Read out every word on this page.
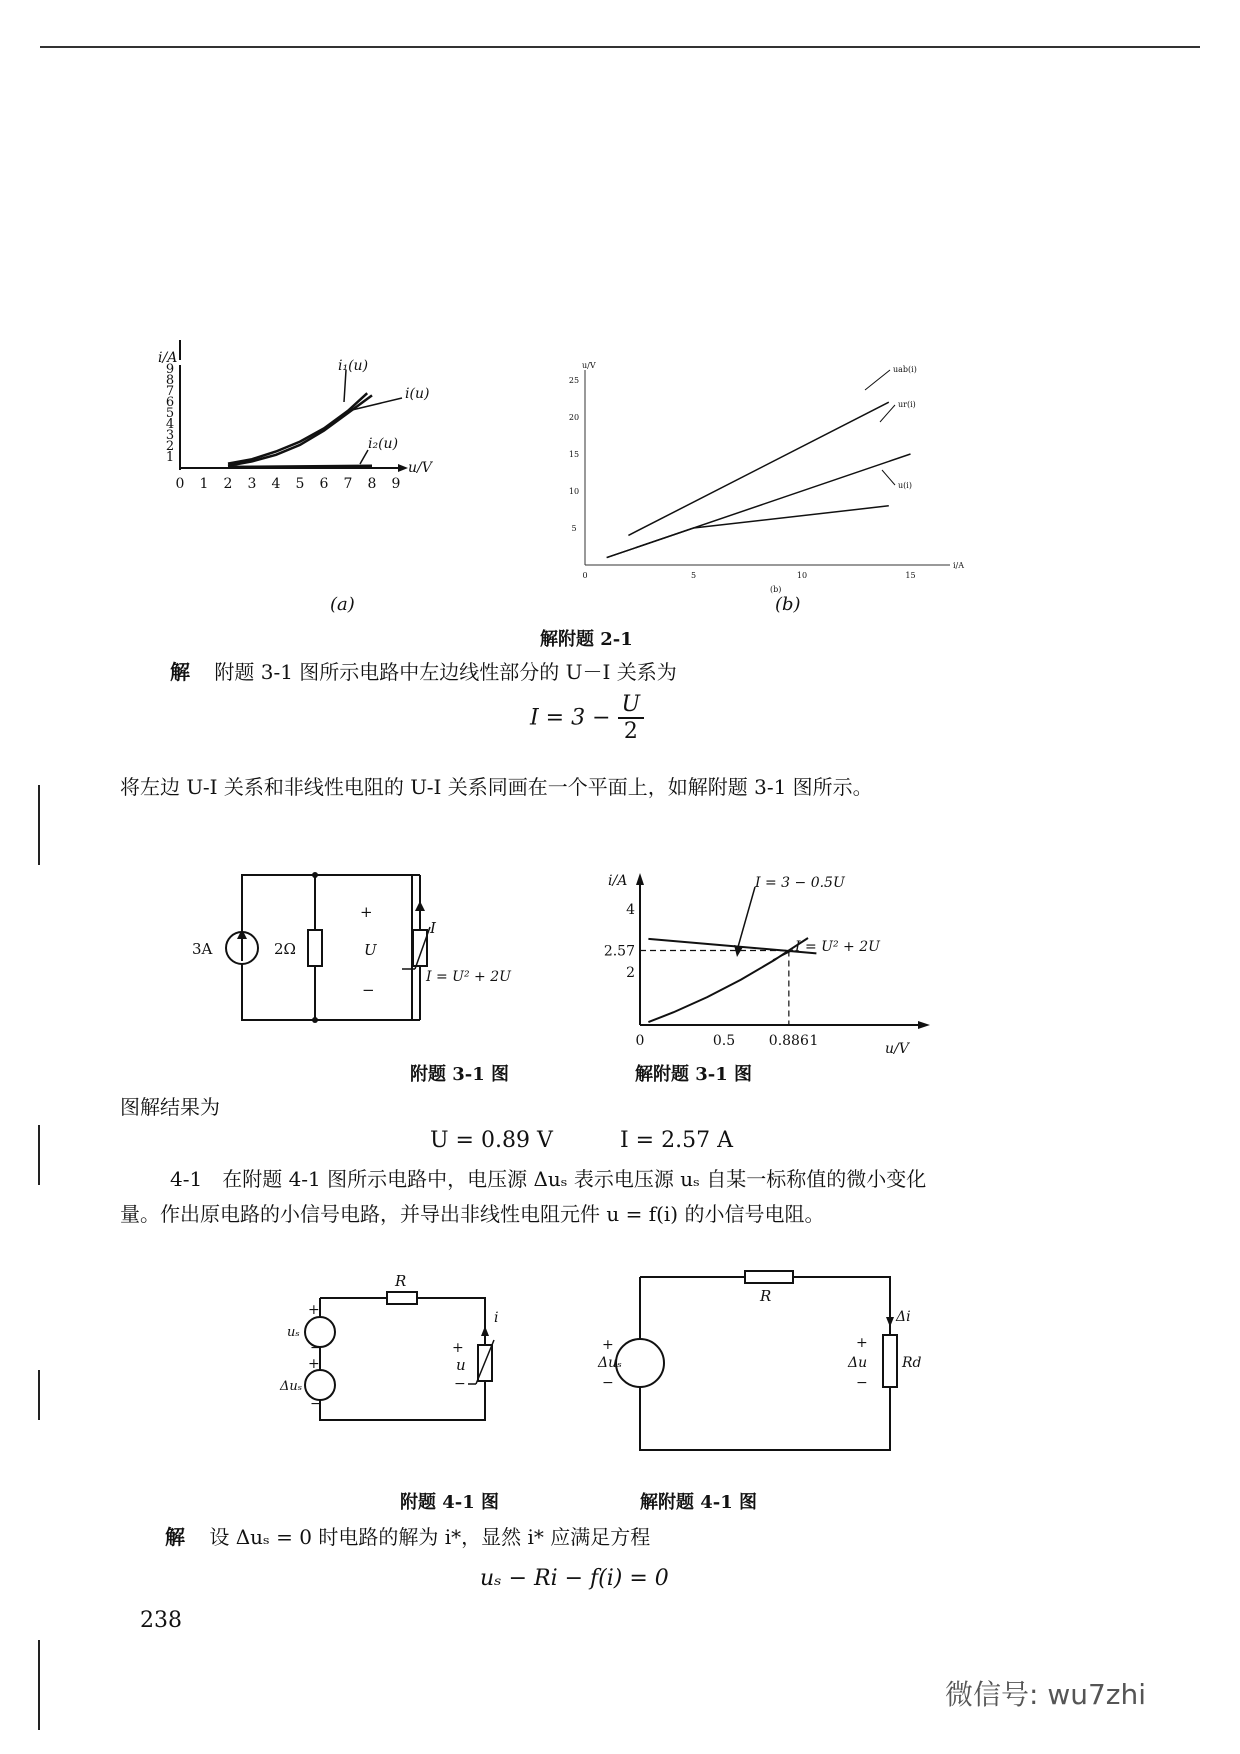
i/A
u/V
0 1 2 3 4 5 6 7 8 9
1
2
3
4
5
6
7
8
9	i₁(u)
i(u)
i₂(u)
(a)
u/V
i/A
0	5	10	15
5
10
15
20
25
uab(i)
ur(i)
u(i)
(b)
(b)
解附题 2-1
解 附题 3-1 图所示电路中左边线性部分的 U－I 关系为
$I = 3 - \frac{U}{2}$
将左边 U-I 关系和非线性电阻的 U-I 关系同画在一个平面上，如解附题 3-1 图所示。
3A	2Ω
+
U
−
I
I = U² + 2U
附题 3-1 图
i/A
u/V
4
2.57
2
0	0.5 0.886 1
I = 3 − 0.5U
I = U² + 2U
解附题 3-1 图
图解结果为
U = 0.89 V	I = 2.57 A
4-1　在附题 4-1 图所示电路中，电压源 Δuₛ 表示电压源 uₛ 自某一标称值的微小变化
量。作出原电路的小信号电路，并导出非线性电阻元件 u = f(i) 的小信号电阻。
R
uₛ
Δuₛ
+
+
−
−
+
u
−
i
附题 4-1 图
R
Δuₛ
+
−
Δi
+
Δu
−
Rd
解附题 4-1 图
解 设 Δuₛ = 0 时电路的解为 i*，显然 i* 应满足方程
uₛ − Ri − f(i) = 0
238
微信号: wu7zhi
